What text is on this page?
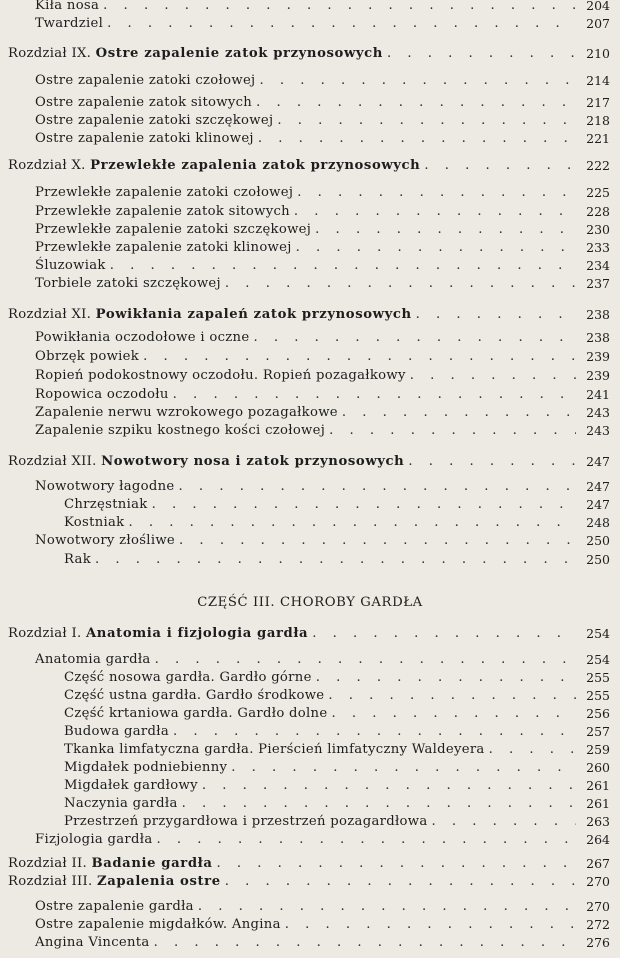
CZĘŚĆ III. CHOROBY GARDŁA
Kiła nosa . . .	204
Twardziel . . .	207
Rozdział IX. Ostre zapalenie zatok przynosowych . . .	210
Ostre zapalenie zatoki czołowej . . .	214
Ostre zapalenie zatok sitowych . . .	217
Ostre zapalenie zatoki szczękowej . . .	218
Ostre zapalenie zatoki klinowej . . .	221
Rozdział X. Przewlekłe zapalenia zatok przynosowych . . .	222
Przewlekłe zapalenie zatoki czołowej . . .	225
Przewlekłe zapalenie zatok sitowych . . .	228
Przewlekłe zapalenie zatoki szczękowej . . .	230
Przewlekłe zapalenie zatoki klinowej . . .	233
Śluzowiak . . .	234
Torbiele zatoki szczękowej . . .	237
Rozdział XI. Powikłania zapaleń zatok przynosowych . . .	238
Powikłania oczodołowe i oczne . . .	238
Obrzęk powiek . . .	239
Ropień podokostnowy oczodołu. Ropień pozagałkowy . . .	239
Ropowica oczodołu . . .	241
Zapalenie nerwu wzrokowego pozagałkowe . . .	243
Zapalenie szpiku kostnego kości czołowej . . .	243
Rozdział XII. Nowotwory nosa i zatok przynosowych . . .	247
Nowotwory łagodne . . .	247
Chrzęstniak . . .	247
Kostniak . . .	248
Nowotwory złośliwe . . .	250
Rak . . .	250
Rozdział I. Anatomia i fizjologia gardła . . .	254
Anatomia gardła . . .	254
Część nosowa gardła. Gardło górne . . .	255
Część ustna gardła. Gardło środkowe . . .	255
Część krtaniowa gardła. Gardło dolne . . .	256
Budowa gardła . . .	257
Tkanka limfatyczna gardła. Pierścień limfatyczny Waldeyera . . .	259
Migdałek podniebienny . . .	260
Migdałek gardłowy . . .	261
Naczynia gardła . . .	261
Przestrzeń przygardłowa i przestrzeń pozagardłowa . . .	263
Fizjologia gardła . . .	264
Rozdział II. Badanie gardła . . .	267
Rozdział III. Zapalenia ostre . . .	270
Ostre zapalenie gardła . . .	270
Ostre zapalenie migdałków. Angina . . .	272
Angina Vincenta . . .	276
